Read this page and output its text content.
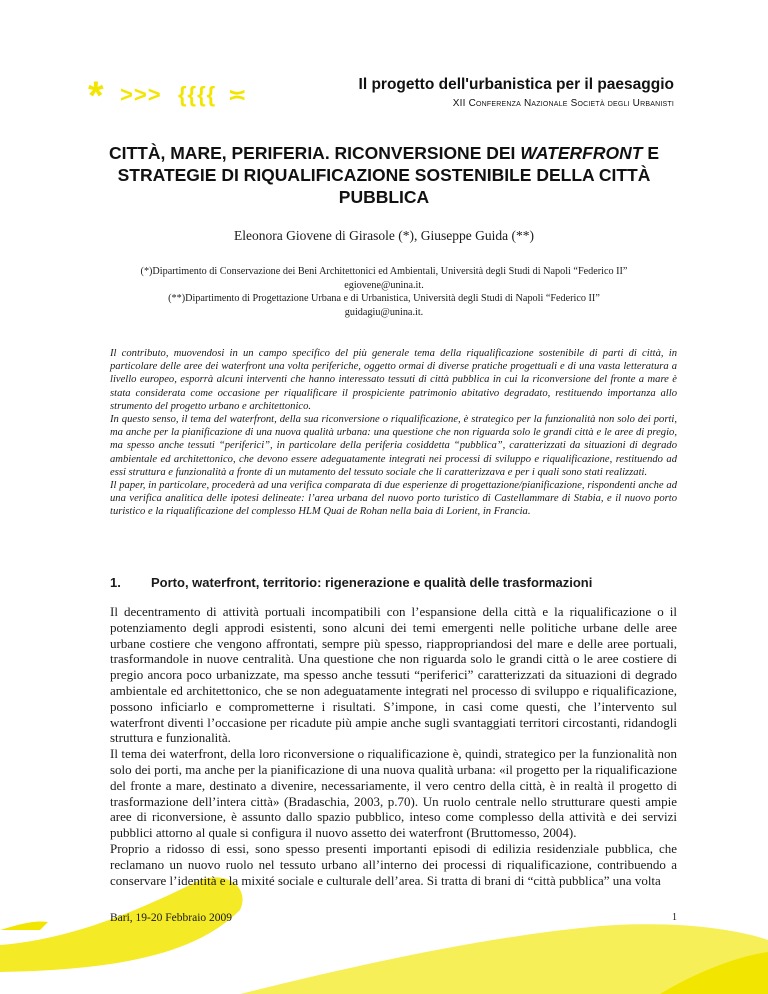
* >>> {{{{ ≍	Il progetto dell'urbanistica per il paesaggio
XII Conferenza Nazionale Società degli Urbanisti
CITTÀ, MARE, PERIFERIA. RICONVERSIONE DEI WATERFRONT E
STRATEGIE DI RIQUALIFICAZIONE SOSTENIBILE DELLA CITTÀ
PUBBLICA
Eleonora Giovene di Girasole (*), Giuseppe Guida (**)
(*)Dipartimento di Conservazione dei Beni Architettonici ed Ambientali, Università degli Studi di Napoli “Federico II”
egiovene@unina.it.
(**)Dipartimento di Progettazione Urbana e di Urbanistica, Università degli Studi di Napoli “Federico II”
guidagiu@unina.it.

Il contributo, muovendosi in un campo specifico del più generale tema della riqualificazione sostenibile di parti di città, in particolare delle aree dei waterfront una volta periferiche, oggetto ormai di diverse pratiche progettuali e di una vasta letteratura a livello europeo, esporrà alcuni interventi che hanno interessato tessuti di città pubblica in cui la riconversione del fronte a mare è stata considerata come occasione per riqualificare il prospiciente patrimonio abitativo degradato, restituendo importanza allo strumento del progetto urbano e architettonico.

In questo senso, il tema del waterfront, della sua riconversione o riqualificazione, è strategico per la funzionalità non solo dei porti, ma anche per la pianificazione di una nuova qualità urbana: una questione che non riguarda solo le grandi città e le aree di pregio, ma spesso anche tessuti “periferici”, in particolare della periferia cosiddetta “pubblica”, caratterizzati da situazioni di degrado ambientale ed architettonico, che devono essere adeguatamente integrati nei processi di sviluppo e riqualificazione, restituendo ad essi struttura e funzionalità a fronte di un mutamento del tessuto sociale che li caratterizzava e per i quali sono stati realizzati.

Il paper, in particolare, procederà ad una verifica comparata di due esperienze di progettazione/pianificazione, rispondenti anche ad una verifica analitica delle ipotesi delineate: l’area urbana del nuovo porto turistico di Castellammare di Stabia, e il nuovo porto turistico e la riqualificazione del complesso HLM Quai de Rohan nella baia di Lorient, in Francia.

1. Porto, waterfront, territorio: rigenerazione e qualità delle trasformazioni

Il decentramento di attività portuali incompatibili con l’espansione della città e la riqualificazione o il potenziamento degli approdi esistenti, sono alcuni dei temi emergenti nelle politiche urbane delle aree urbane costiere che vengono affrontati, sempre più spesso, riappropriandosi del mare e delle aree portuali, trasformandole in nuove centralità. Una questione che non riguarda solo le grandi città o le aree costiere di pregio ancora poco urbanizzate, ma spesso anche tessuti “periferici” caratterizzati da situazioni di degrado ambientale ed architettonico, che se non adeguatamente integrati nel processo di sviluppo e riqualificazione, possono inficiarlo e comprometterne i risultati. S’impone, in casi come questi, che l’intervento sul waterfront diventi l’occasione per ricadute più ampie anche sugli svantaggiati territori circostanti, ridandogli struttura e funzionalità.

Il tema dei waterfront, della loro riconversione o riqualificazione è, quindi, strategico per la funzionalità non solo dei porti, ma anche per la pianificazione di una nuova qualità urbana: «il progetto per la riqualificazione del fronte a mare, destinato a divenire, necessariamente, il vero centro della città, è in realtà il progetto di trasformazione dell’intera città» (Bradaschia, 2003, p.70). Un ruolo centrale nello strutturare questi ampie aree di riconversione, è assunto dallo spazio pubblico, inteso come complesso della attività e dei servizi pubblici attorno al quale si configura il nuovo assetto dei waterfront (Bruttomesso, 2004).

Proprio a ridosso di essi, sono spesso presenti importanti episodi di edilizia residenziale pubblica, che reclamano un nuovo ruolo nel tessuto urbano all’interno dei processi di riqualificazione, contribuendo a conservare l’identità e la mixité sociale e culturale dell’area. Si tratta di brani di “città pubblica” una volta

Bari, 19-20 Febbraio 2009	1
